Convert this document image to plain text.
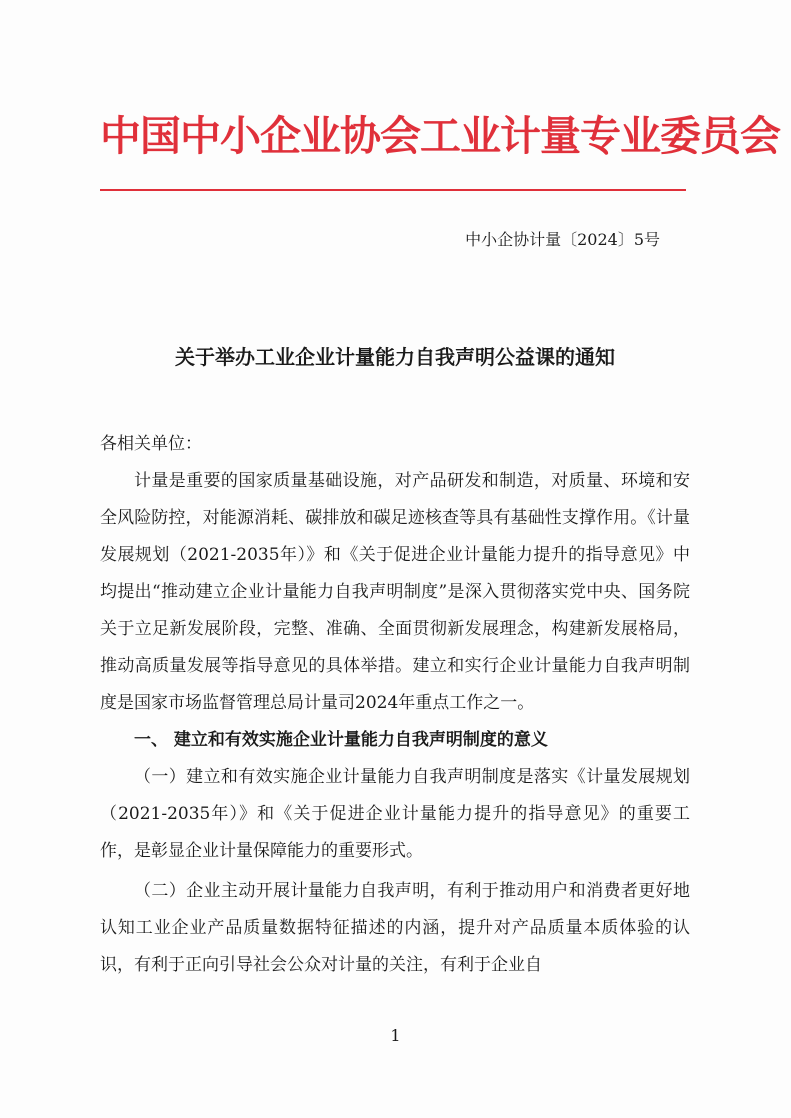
中国中小企业协会工业计量专业委员会
中小企协计量〔2024〕5号
关于举办工业企业计量能力自我声明公益课的通知

各相关单位：

计量是重要的国家质量基础设施，对产品研发和制造，对质量、环境和安全风险防控，对能源消耗、碳排放和碳足迹核查等具有基础性支撑作用。《计量发展规划（2021-2035年）》和《关于促进企业计量能力提升的指导意见》中均提出“推动建立企业计量能力自我声明制度”是深入贯彻落实党中央、国务院关于立足新发展阶段，完整、准确、全面贯彻新发展理念，构建新发展格局，推动高质量发展等指导意见的具体举措。建立和实行企业计量能力自我声明制度是国家市场监督管理总局计量司2024年重点工作之一。

一、 建立和有效实施企业计量能力自我声明制度的意义

（一）建立和有效实施企业计量能力自我声明制度是落实《计量发展规划（2021-2035年）》和《关于促进企业计量能力提升的指导意见》的重要工作，是彰显企业计量保障能力的重要形式。

（二）企业主动开展计量能力自我声明，有利于推动用户和消费者更好地认知工业企业产品质量数据特征描述的内涵，提升对产品质量本质体验的认识，有利于正向引导社会公众对计量的关注，有利于企业自

1
